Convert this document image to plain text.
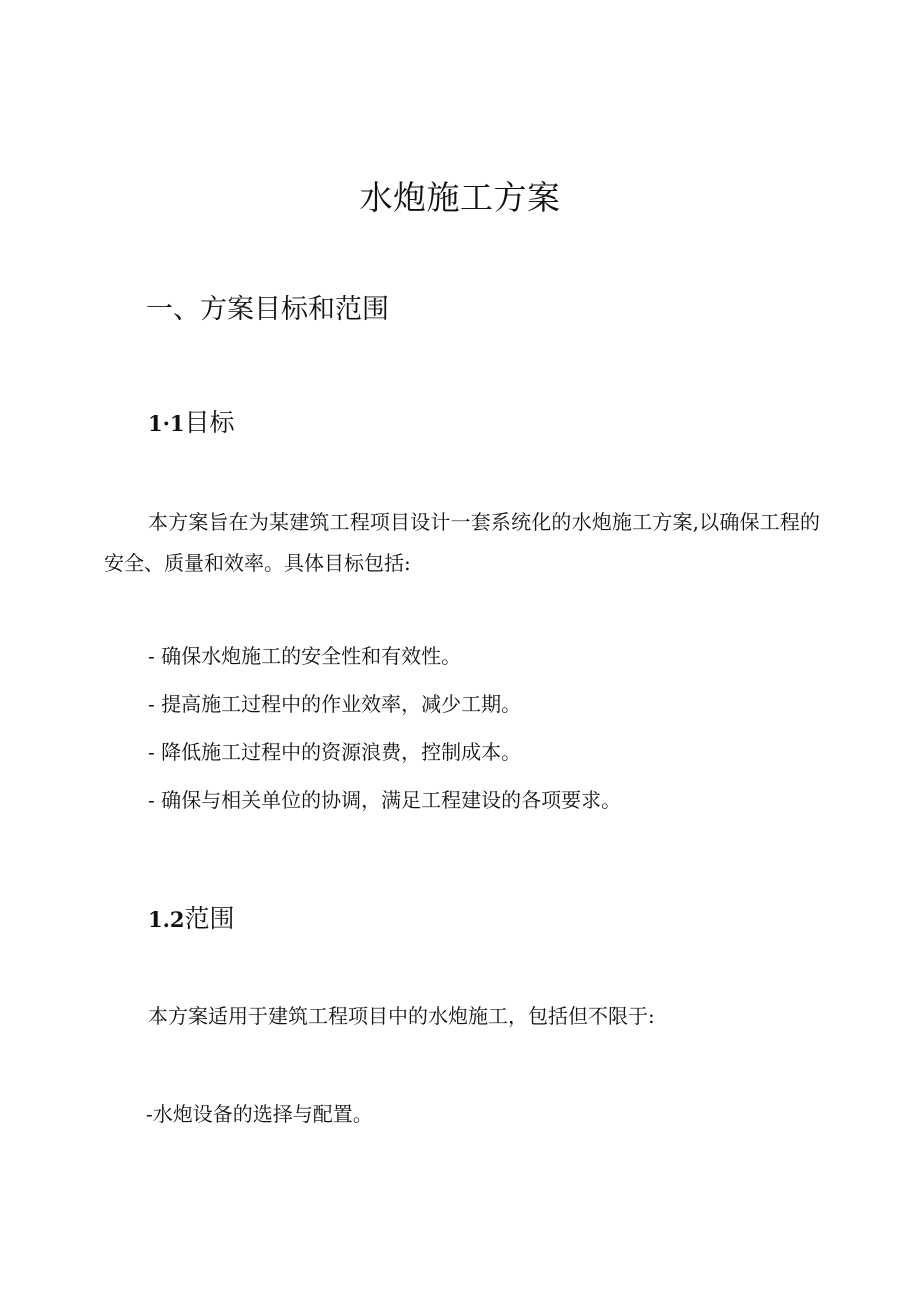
水炮施工方案
一、方案目标和范围
1·1目标

本方案旨在为某建筑工程项目设计一套系统化的水炮施工方案,以确保工程的安全、质量和效率。具体目标包括:

- 确保水炮施工的安全性和有效性。
- 提高施工过程中的作业效率，减少工期。
- 降低施工过程中的资源浪费，控制成本。
- 确保与相关单位的协调，满足工程建设的各项要求。
1.2范围

本方案适用于建筑工程项目中的水炮施工，包括但不限于:

-水炮设备的选择与配置。
